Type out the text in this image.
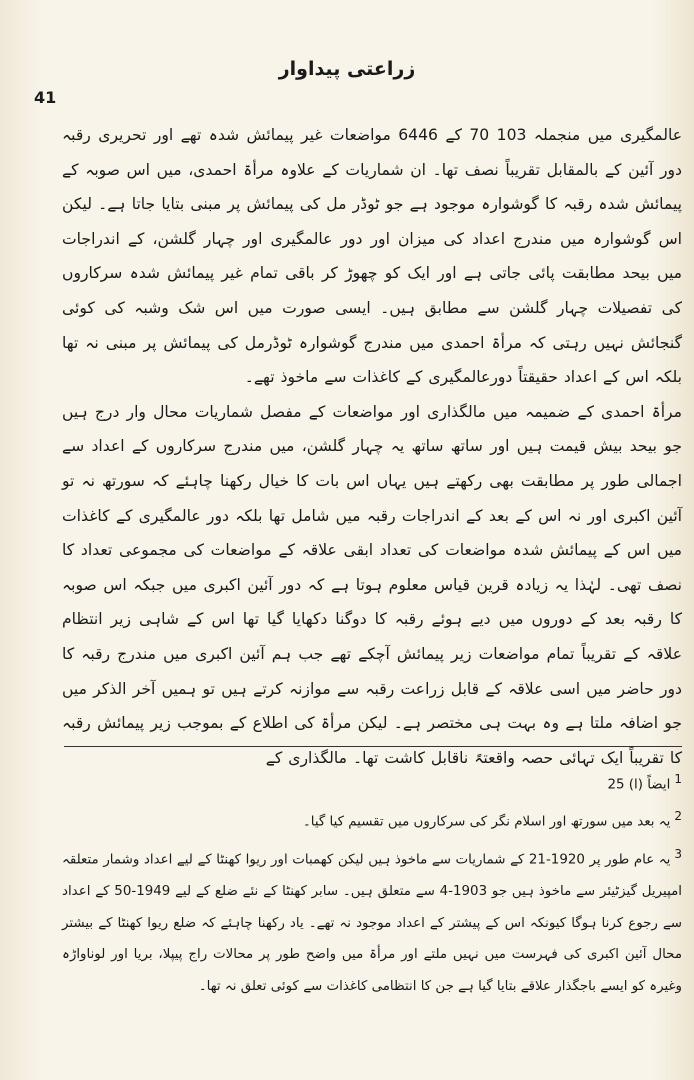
زراعتی پیداوار
41

عالمگیری میں منجملہ 103 70 کے 6446 مواضعات غیر پیمائش شدہ تھے اور تحریری رقبہ دور آئین کے بالمقابل تقریباً نصف تھا۔ ان شماریات کے علاوہ مرأۃ احمدی، میں اس صوبہ کے پیمائش شدہ رقبہ کا گوشوارہ موجود ہے جو ٹوڈر مل کی پیمائش پر مبنی بتایا جاتا ہے۔ لیکن اس گوشوارہ میں مندرج اعداد کی میزان اور دور عالمگیری اور چہار گلشن، کے اندراجات میں بیحد مطابقت پائی جاتی ہے اور ایک کو چھوڑ کر باقی تمام غیر پیمائش شدہ سرکاروں کی تفصیلات چہار گلشن سے مطابق ہیں۔ ایسی صورت میں اس شک وشبہ کی کوئی گنجائش نہیں رہتی کہ مرأۃ احمدی میں مندرج گوشوارہ ٹوڈرمل کی پیمائش پر مبنی نہ تھا بلکہ اس کے اعداد حقیقتاً دورعالمگیری کے کاغذات سے ماخوذ تھے۔

مرأۃ احمدی کے ضمیمہ میں مالگذاری اور مواضعات کے مفصل شماریات محال وار درج ہیں جو بیحد بیش قیمت ہیں اور ساتھ ساتھ یہ چہار گلشن، میں مندرج سرکاروں کے اعداد سے اجمالی طور پر مطابقت بھی رکھتے ہیں یہاں اس بات کا خیال رکھنا چاہئے کہ سورتھ نہ تو آئین اکبری اور نہ اس کے بعد کے اندراجات رقبہ میں شامل تھا بلکہ دور عالمگیری کے کاغذات میں اس کے پیمائش شدہ مواضعات کی تعداد ابقی علاقہ کے مواضعات کی مجموعی تعداد کا نصف تھی۔ لہٰذا یہ زیادہ قرین قیاس معلوم ہوتا ہے کہ دور آئین اکبری میں جبکہ اس صوبہ کا رقبہ بعد کے دوروں میں دیے ہوئے رقبہ کا دوگنا دکھایا گیا تھا اس کے شاہی زیر انتظام علاقہ کے تقریباً تمام مواضعات زیر پیمائش آچکے تھے جب ہم آئین اکبری میں مندرج رقبہ کا دور حاضر میں اسی علاقہ کے قابل زراعت رقبہ سے موازنہ کرتے ہیں تو ہمیں آخر الذکر میں جو اضافہ ملتا ہے وہ بہت ہی مختصر ہے۔ لیکن مرأۃ کی اطلاع کے بموجب زیر پیمائش رقبہ کا تقریباً ایک تہائی حصہ واقعتہً ناقابل کاشت تھا۔ مالگذاری کے

1ایضاً (ا) 25

2یہ بعد میں سورتھ اور اسلام نگر کی سرکاروں میں تقسیم کیا گیا۔

3یہ عام طور پر 1920-21 کے شماریات سے ماخوذ ہیں لیکن کھمبات اور ریوا کھنٹا کے لیے اعداد وشمار متعلقہ امپیریل گیزٹیئر سے ماخوذ ہیں جو 1903-4 سے متعلق ہیں۔ سابر کھنٹا کے نئے ضلع کے لیے 1949-50 کے اعداد سے رجوع کرنا ہوگا کیونکہ اس کے پیشتر کے اعداد موجود نہ تھے۔ یاد رکھنا چاہئے کہ ضلع ریوا کھنٹا کے بیشتر محال آئین اکبری کی فہرست میں نہیں ملتے اور مرأۃ میں واضح طور پر محالات راج پیپلا، بریا اور لوناواڑہ وغیرہ کو ایسے باجگذار علاقے بتایا گیا ہے جن کا انتظامی کاغذات سے کوئی تعلق نہ تھا۔
